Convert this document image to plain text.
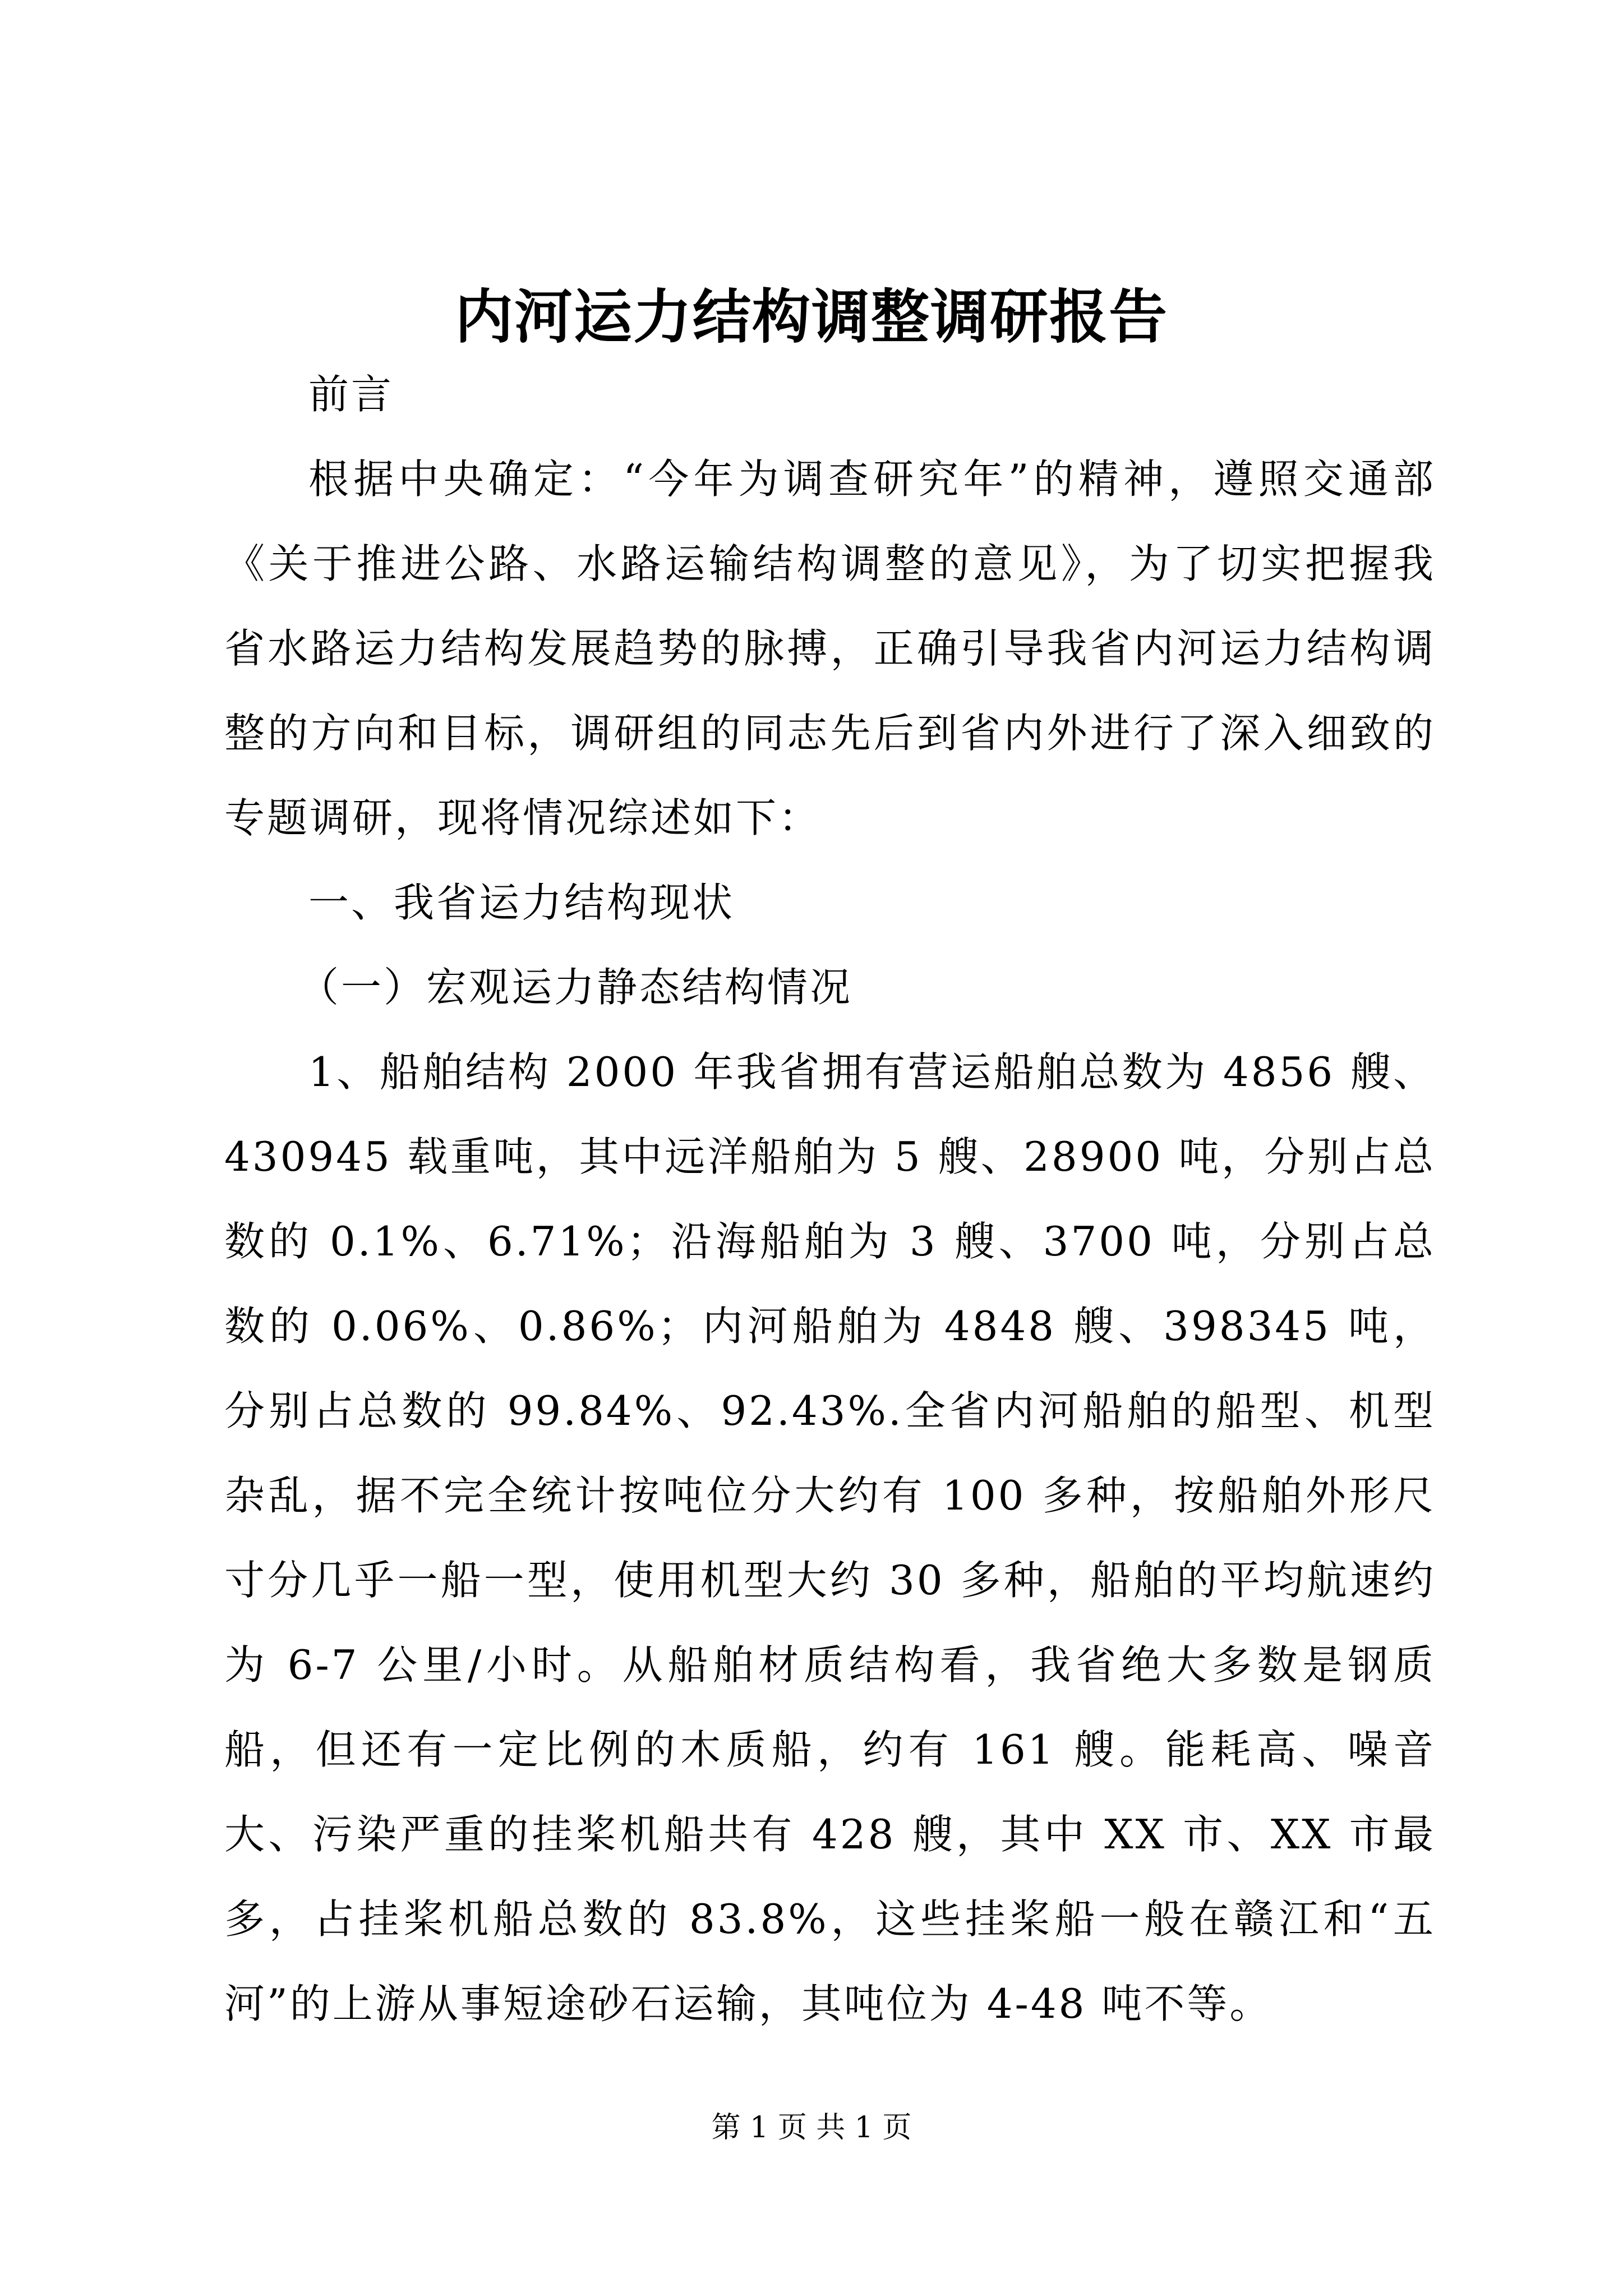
内河运力结构调整调研报告

前言

根据中央确定：“今年为调查研究年”的精神，遵照交通部《关于推进公路、水路运输结构调整的意见》，为了切实把握我省水路运力结构发展趋势的脉搏，正确引导我省内河运力结构调整的方向和目标，调研组的同志先后到省内外进行了深入细致的专题调研，现将情况综述如下：

一、我省运力结构现状

（一）宏观运力静态结构情况

1、船舶结构 2000 年我省拥有营运船舶总数为 4856 艘、430945 载重吨，其中远洋船舶为 5 艘、28900 吨，分别占总数的 0.1%、6.71%；沿海船舶为 3 艘、3700 吨，分别占总数的 0.06%、0.86%；内河船舶为 4848 艘、398345 吨，分别占总数的 99.84%、92.43%.全省内河船舶的船型、机型杂乱，据不完全统计按吨位分大约有 100 多种，按船舶外形尺寸分几乎一船一型，使用机型大约 30 多种，船舶的平均航速约为 6-7 公里/小时。从船舶材质结构看，我省绝大多数是钢质船，但还有一定比例的木质船，约有 161 艘。能耗高、噪音大、污染严重的挂桨机船共有 428 艘，其中 XX 市、XX 市最多，占挂桨机船总数的 83.8%，这些挂桨船一般在赣江和“五河”的上游从事短途砂石运输，其吨位为 4-48 吨不等。

第 1 页 共 1 页
